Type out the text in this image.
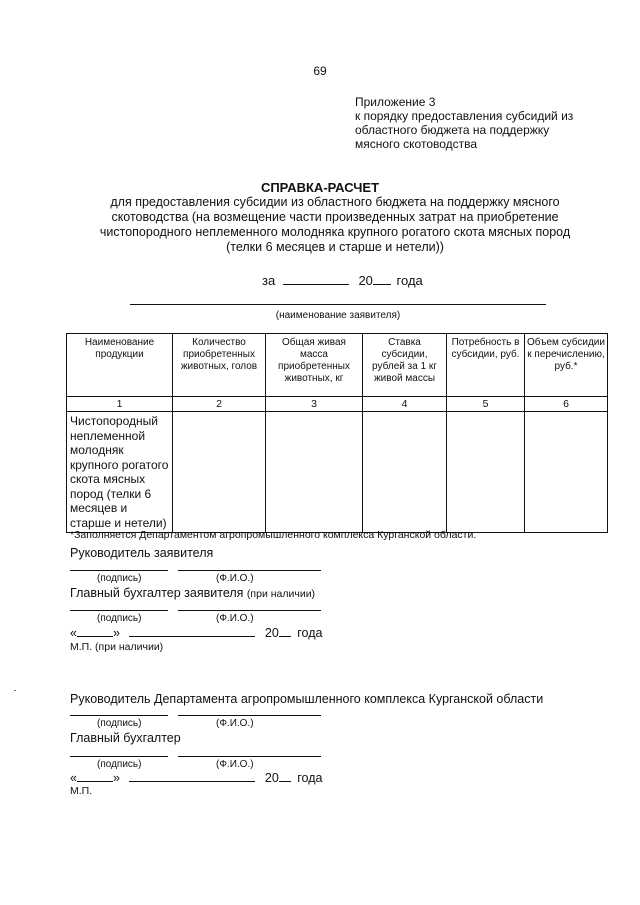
69
Приложение 3
к порядку предоставления субсидий из
областного бюджета на поддержку
мясного скотоводства
СПРАВКА-РАСЧЕТ
для предоставления субсидии из областного бюджета на поддержку мясного
скотоводства (на возмещение части произведенных затрат на приобретение
чистопородного неплеменного молодняка крупного рогатого скота мясных пород
(телки 6 месяцев и старше и нетели))
за	20 года
(наименование заявителя)
Наименование продукции	Количество приобретенных животных, голов	Общая живая масса приобретенных животных, кг	Ставка субсидии, рублей за 1 кг живой массы	Потребность в субсидии, руб.	Объем субсидии к перечислению, руб.*
1	2	3	4	5	6
Чистопородный неплеменной молодняк крупного рогатого скота мясных пород (телки 6 месяцев и старше и нетели)					
*Заполняется Департаментом агропромышленного комплекса Курганской области.
Руководитель заявителя
(подпись)	(Ф.И.О.)
Главный бухгалтер заявителя (при наличии)
(подпись)	(Ф.И.О.)
«	»	20 года
М.П. (при наличии)
Руководитель Департамента агропромышленного комплекса Курганской области
(подпись)	(Ф.И.О.)
Главный бухгалтер
(подпись)	(Ф.И.О.)
«	»	20 года
М.П.
